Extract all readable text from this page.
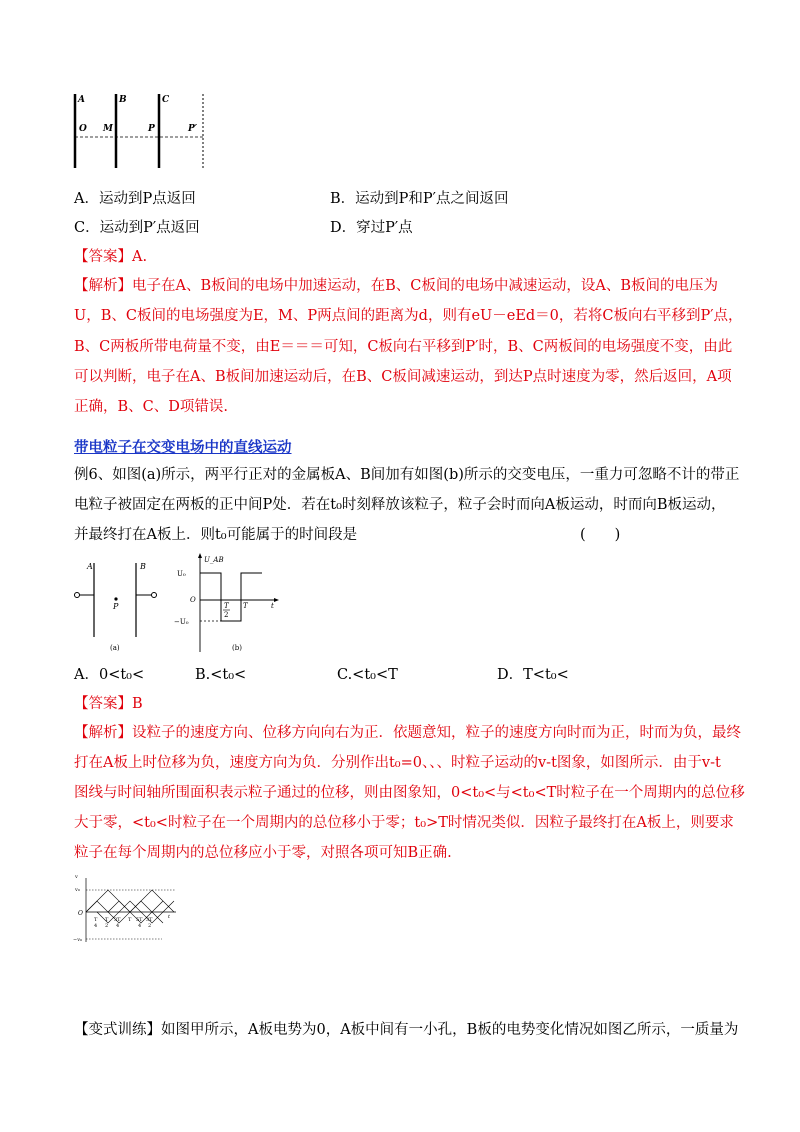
A	B	C
O M	P	P′
A．运动到P点返回	B．运动到P和P′点之间返回
C．运动到P′点返回	D．穿过P′点
【答案】A.
【解析】电子在A、B板间的电场中加速运动，在B、C板间的电场中减速运动，设A、B板间的电压为
U，B、C板间的电场强度为E，M、P两点间的距离为d，则有eU－eEd＝0，若将C板向右平移到P′点，
B、C两板所带电荷量不变，由E＝＝＝可知，C板向右平移到P′时，B、C两板间的电场强度不变，由此
可以判断，电子在A、B板间加速运动后，在B、C板间减速运动，到达P点时速度为零，然后返回，A项
正确，B、C、D项错误.
带电粒子在交变电场中的直线运动
例6、如图(a)所示，两平行正对的金属板A、B间加有如图(b)所示的交变电压，一重力可忽略不计的带正
电粒子被固定在两板的正中间P处．若在t₀时刻释放该粒子，粒子会时而向A板运动，时而向B板运动，
并最终打在A板上．则t₀可能属于的时间段是	(　　)
A	B
P
(a)
U_AB
U₀
O
−U₀
T
2
T	t
(b)
A．0<t₀<	B.<t₀<	C.<t₀<T	D．T<t₀<
【答案】B
【解析】设粒子的速度方向、位移方向向右为正．依题意知，粒子的速度方向时而为正，时而为负，最终
打在A板上时位移为负，速度方向为负．分别作出t₀=0、、、时粒子运动的v-t图象，如图所示．由于v-t
图线与时间轴所围面积表示粒子通过的位移，则由图象知，0<t₀<与<t₀<T时粒子在一个周期内的总位移
大于零，<t₀<时粒子在一个周期内的总位移小于零；t₀>T时情况类似．因粒子最终打在A板上，则要求
粒子在每个周期内的总位移应小于零，对照各项可知B正确.
v
v₀
O
T
4
T
2
3T
4
T 5T
4
3T
2
t
−v₀
【变式训练】如图甲所示，A板电势为0，A板中间有一小孔，B板的电势变化情况如图乙所示，一质量为
